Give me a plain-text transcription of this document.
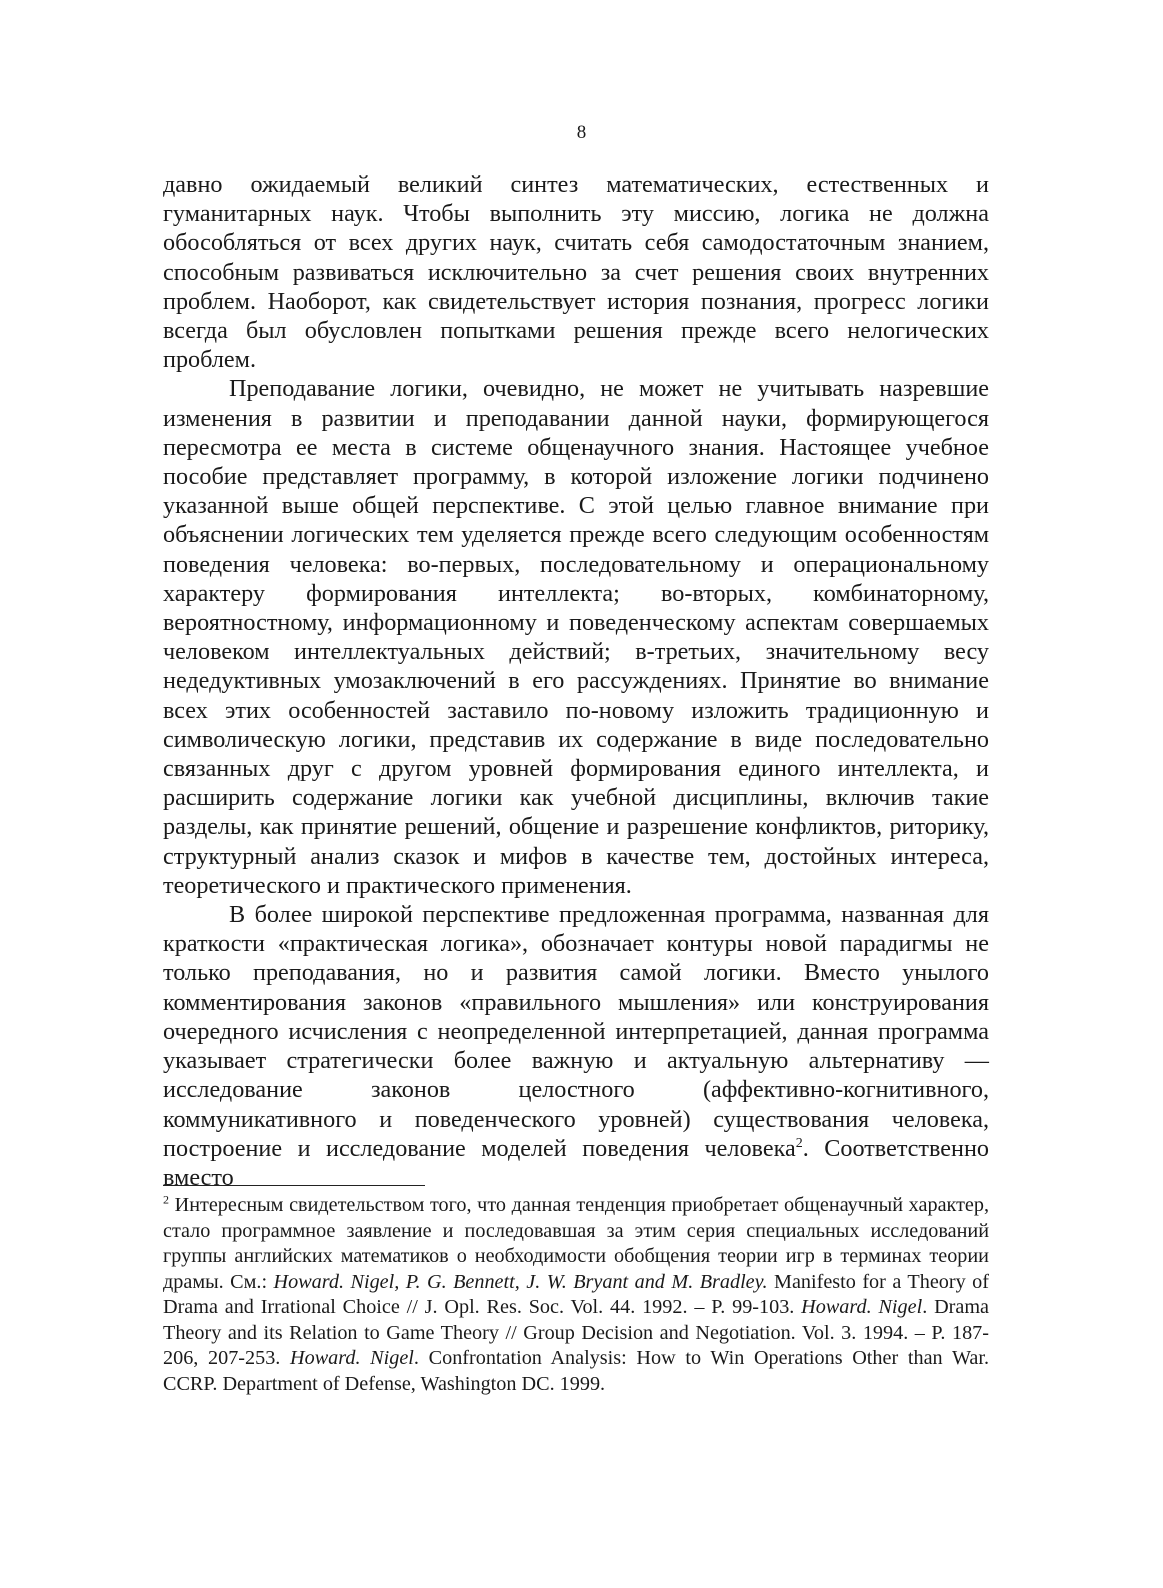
8

давно ожидаемый великий синтез математических, естественных и гуманитарных наук. Чтобы выполнить эту миссию, логика не должна обособляться от всех других наук, считать себя самодостаточным знанием, способным развиваться исключительно за счет решения своих внутренних проблем. Наоборот, как свидетельствует история познания, прогресс логики всегда был обусловлен попытками решения прежде всего нелогических проблем.

Преподавание логики, очевидно, не может не учитывать назревшие изменения в развитии и преподавании данной науки, формирующегося пересмотра ее места в системе общенаучного знания. Настоящее учебное пособие представляет программу, в которой изложение логики подчинено указанной выше общей перспективе. С этой целью главное внимание при объяснении логических тем уделяется прежде всего следующим особенностям поведения человека: во-первых, последовательному и операциональному характеру формирования интеллекта; во-вторых, комбинаторному, вероятностному, информационному и поведенческому аспектам совершаемых человеком интеллектуальных действий; в-третьих, значительному весу недедуктивных умозаключений в его рассуждениях. Принятие во внимание всех этих особенностей заставило по-новому изложить традиционную и символическую логики, представив их содержание в виде последовательно связанных друг с другом уровней формирования единого интеллекта, и расширить содержание логики как учебной дисциплины, включив такие разделы, как принятие решений, общение и разрешение конфликтов, риторику, структурный анализ сказок и мифов в качестве тем, достойных интереса, теоретического и практического применения.

В более широкой перспективе предложенная программа, названная для краткости «практическая логика», обозначает контуры новой парадигмы не только преподавания, но и развития самой логики. Вместо унылого комментирования законов «правильного мышления» или конструирования очередного исчисления с неопределенной интерпретацией, данная программа указывает стратегически более важную и актуальную альтернативу — исследование законов целостного (аффективно-когнитивного, коммуникативного и поведенческого уровней) существования человека, построение и исследование моделей поведения человека$^2$. Соответственно вместо

$^2$ Интересным свидетельством того, что данная тенденция приобретает общенаучный характер, стало программное заявление и последовавшая за этим серия специальных исследований группы английских математиков о необходимости обобщения теории игр в терминах теории драмы. См.: Howard. Nigel, P. G. Bennett, J. W. Bryant and M. Bradley. Manifesto for a Theory of Drama and Irrational Choice // J. Opl. Res. Soc. Vol. 44. 1992. – P. 99-103. Howard. Nigel. Drama Theory and its Relation to Game Theory // Group Decision and Negotiation. Vol. 3. 1994. – P. 187-206, 207-253. Howard. Nigel. Confrontation Analysis: How to Win Operations Other than War. CCRP. Department of Defense, Washington DC. 1999.
